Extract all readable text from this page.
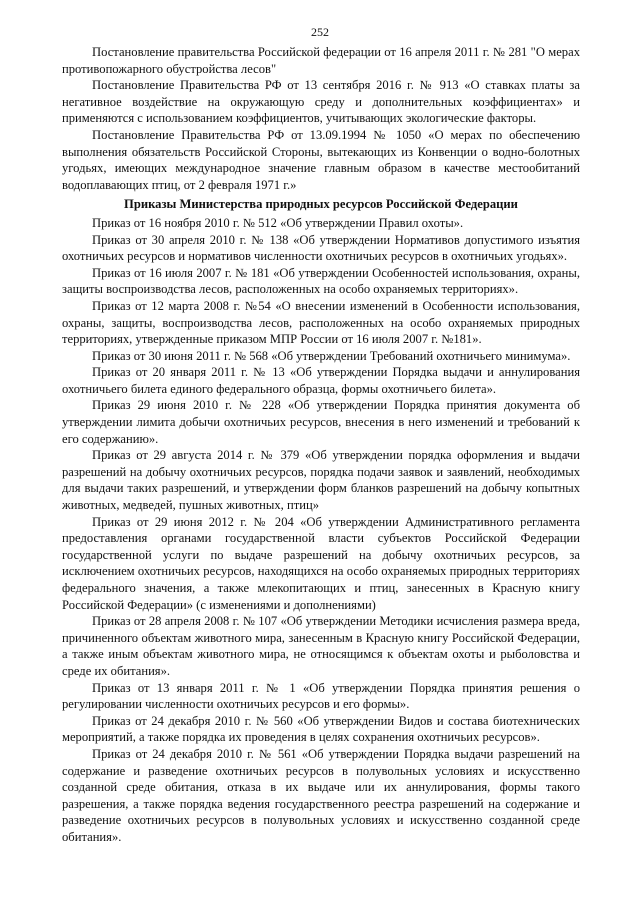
252

Постановление правительства Российской федерации от 16 апреля 2011 г. № 281 "О мерах противопожарного обустройства лесов"

Постановление Правительства РФ от 13 сентября 2016 г. № 913 «О ставках платы за негативное воздействие на окружающую среду и дополнительных коэффициентах» и применяются с использованием коэффициентов, учитывающих экологические факторы.

Постановление Правительства РФ от 13.09.1994 № 1050 «О мерах по обеспечению выполнения обязательств Российской Стороны, вытекающих из Конвенции о водно-болотных угодьях, имеющих международное значение главным образом в качестве местообитаний водоплавающих птиц, от 2 февраля 1971 г.»

Приказы Министерства природных ресурсов Российской Федерации

Приказ от 16 ноября 2010 г. № 512 «Об утверждении Правил охоты».

Приказ от 30 апреля 2010 г. № 138 «Об утверждении Нормативов допустимого изъятия охотничьих ресурсов и нормативов численности охотничьих ресурсов в охотничьих угодьях».

Приказ от 16 июля 2007 г. № 181 «Об утверждении Особенностей использования, охраны, защиты воспроизводства лесов, расположенных на особо охраняемых территориях».

Приказ от 12 марта 2008 г. №54 «О внесении изменений в Особенности использования, охраны, защиты, воспроизводства лесов, расположенных на особо охраняемых природных территориях, утвержденные приказом МПР России от 16 июля 2007 г. №181».

Приказ от 30 июня 2011 г. № 568 «Об утверждении Требований охотничьего минимума».

Приказ от 20 января 2011 г. № 13 «Об утверждении Порядка выдачи и аннулирования охотничьего билета единого федерального образца, формы охотничьего билета».

Приказ 29 июня 2010 г. № 228 «Об утверждении Порядка принятия документа об утверждении лимита добычи охотничьих ресурсов, внесения в него изменений и требований к его содержанию».

Приказ от 29 августа 2014 г. № 379 «Об утверждении порядка оформления и выдачи разрешений на добычу охотничьих ресурсов, порядка подачи заявок и заявлений, необходимых для выдачи таких разрешений, и утверждении форм бланков разрешений на добычу копытных животных, медведей, пушных животных, птиц»

Приказ от 29 июня 2012 г. № 204 «Об утверждении Административного регламента предоставления органами государственной власти субъектов Российской Федерации государственной услуги по выдаче разрешений на добычу охотничьих ресурсов, за исключением охотничьих ресурсов, находящихся на особо охраняемых природных территориях федерального значения, а также млекопитающих и птиц, занесенных в Красную книгу Российской Федерации» (с изменениями и дополнениями)

Приказ от 28 апреля 2008 г. № 107 «Об утверждении Методики исчисления размера вреда, причиненного объектам животного мира, занесенным в Красную книгу Российской Федерации, а также иным объектам животного мира, не относящимся к объектам охоты и рыболовства и среде их обитания».

Приказ от 13 января 2011 г. № 1 «Об утверждении Порядка принятия решения о регулировании численности охотничьих ресурсов и его формы».

Приказ от 24 декабря 2010 г. № 560 «Об утверждении Видов и состава биотехнических мероприятий, а также порядка их проведения в целях сохранения охотничьих ресурсов».

Приказ от 24 декабря 2010 г. № 561 «Об утверждении Порядка выдачи разрешений на содержание и разведение охотничьих ресурсов в полувольных условиях и искусственно созданной среде обитания, отказа в их выдаче или их аннулирования, формы такого разрешения, а также порядка ведения государственного реестра разрешений на содержание и разведение охотничьих ресурсов в полувольных условиях и искусственно созданной среде обитания».
